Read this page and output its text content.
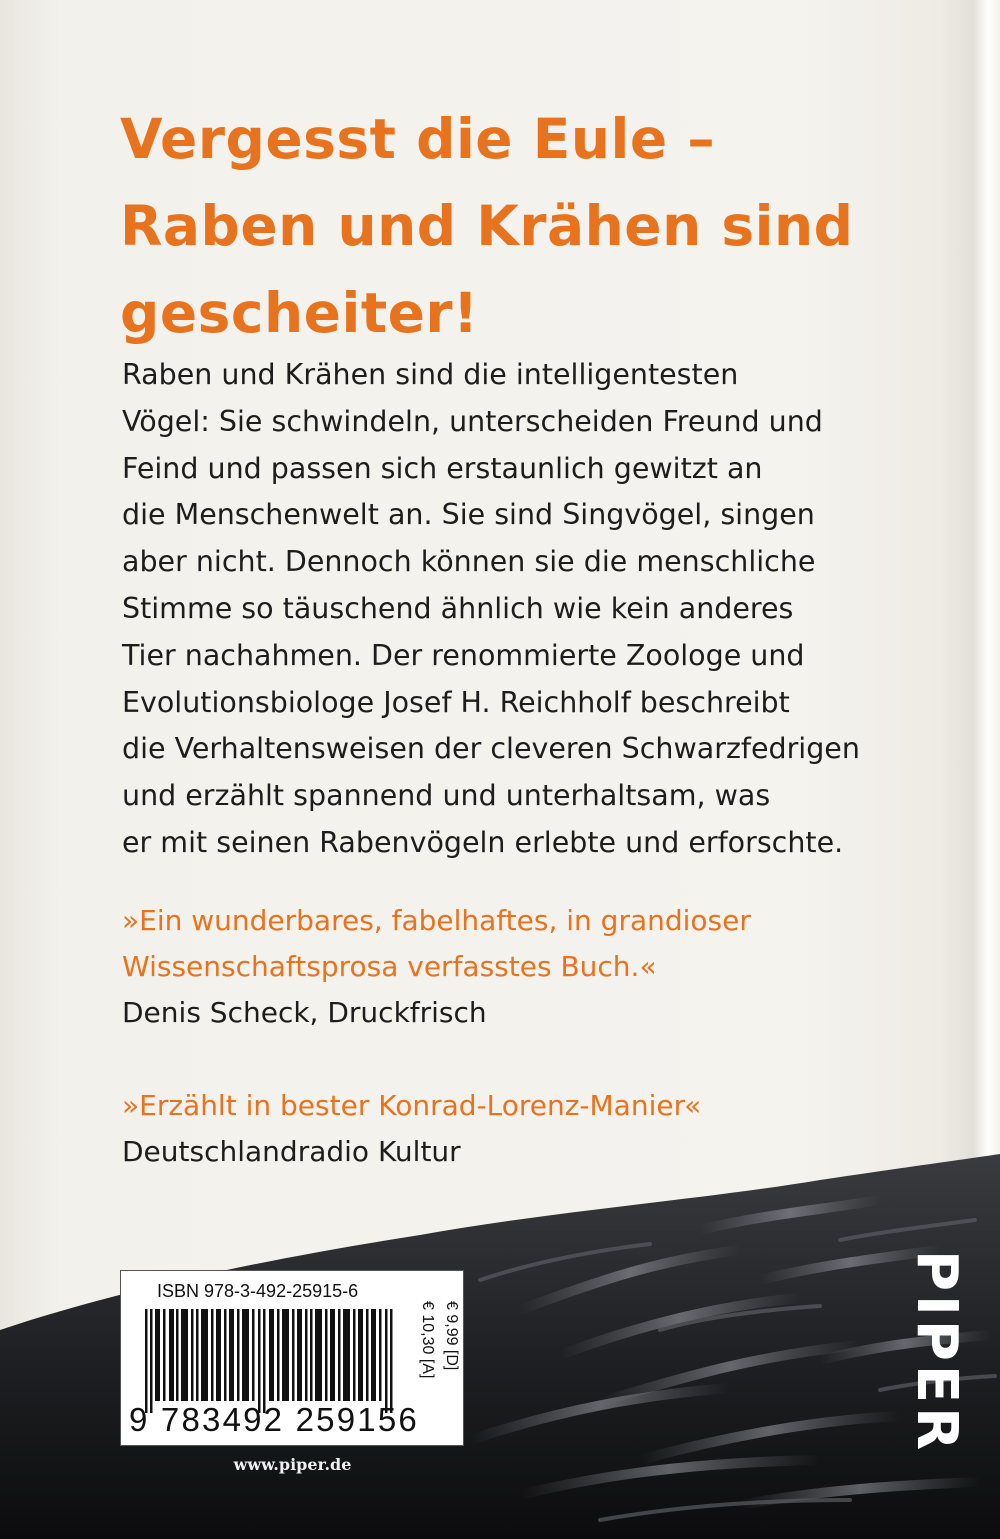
Vergesst die Eule –
Raben und Krähen sind
gescheiter!
Raben und Krähen sind die intelligentesten
Vögel: Sie schwindeln, unterscheiden Freund und
Feind und passen sich erstaunlich gewitzt an
die Menschenwelt an. Sie sind Singvögel, singen
aber nicht. Dennoch können sie die menschliche
Stimme so täuschend ähnlich wie kein anderes
Tier nachahmen. Der renommierte Zoologe und
Evolutionsbiologe Josef H. Reichholf beschreibt
die Verhaltensweisen der cleveren Schwarzfedrigen
und erzählt spannend und unterhaltsam, was
er mit seinen Rabenvögeln erlebte und erforschte.
»Ein wunderbares, fabelhaftes, in grandioser
Wissenschaftsprosa verfasstes Buch.«
Denis Scheck, Druckfrisch
»Erzählt in bester Konrad-Lorenz-Manier«
Deutschlandradio Kultur
PIPER
ISBN 978-3-492-25915-6
9 783492 259156
€ 9,99 [D]
€ 10,30 [A]
www.piper.de
